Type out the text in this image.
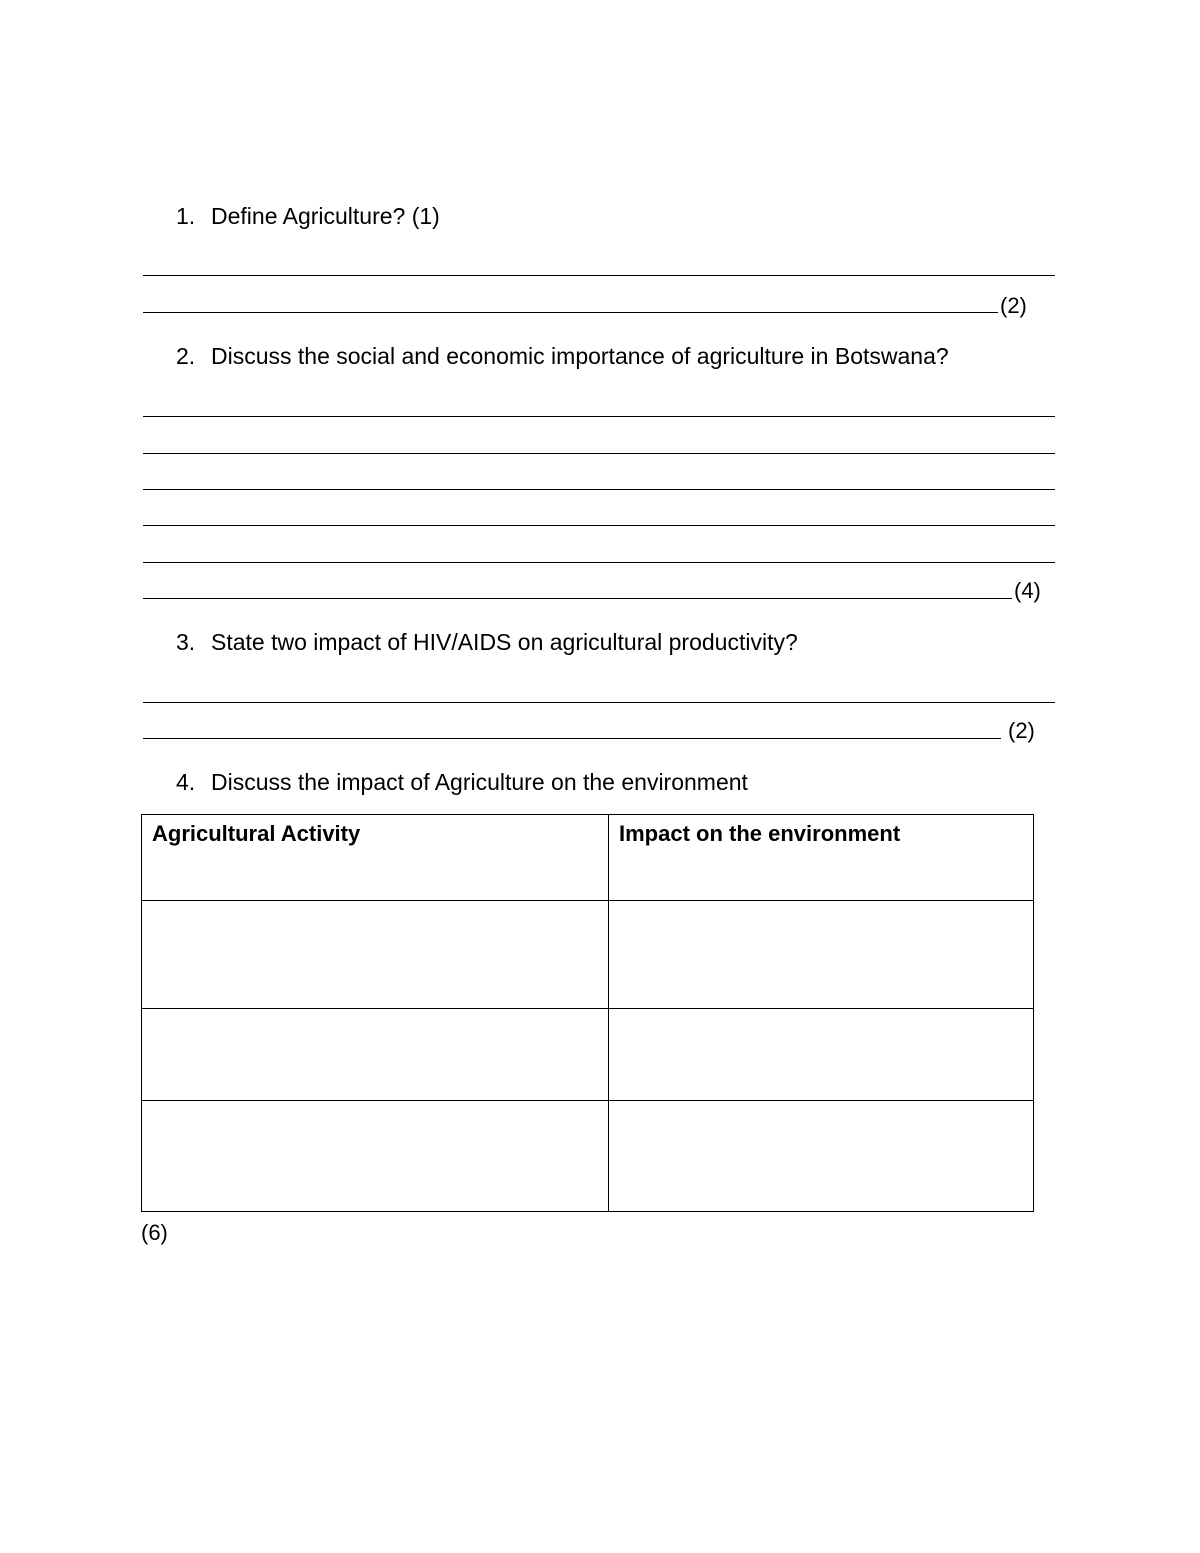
1. Define Agriculture? (1)
(2)
2. Discuss the social and economic importance of agriculture in Botswana?
(4)
3. State two impact of HIV/AIDS on agricultural productivity?
(2)
4. Discuss the impact of Agriculture on the environment
Agricultural Activity	Impact on the environment

(6)
